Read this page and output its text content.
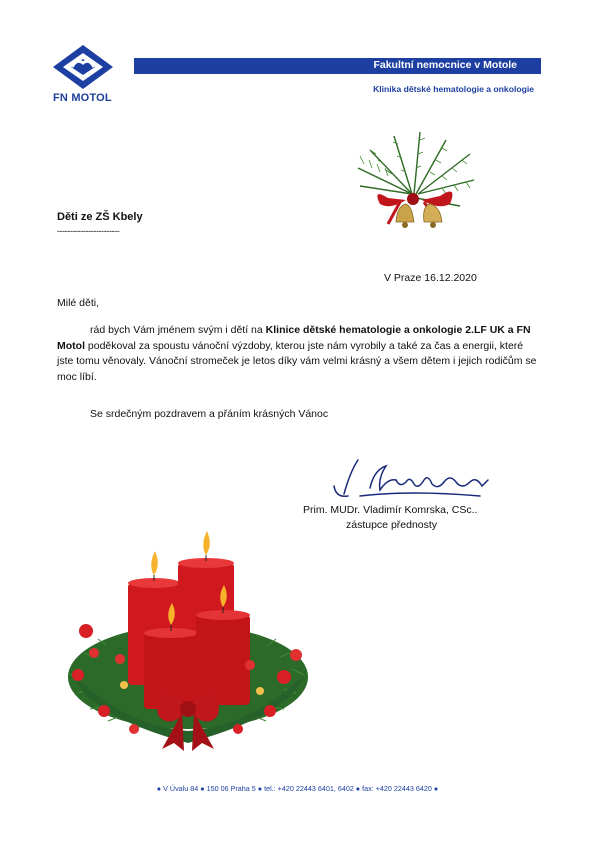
FN MOTOL
Fakultní nemocnice v Motole
Klinika dětské hematologie a onkologie
Děti ze ZŠ Kbely
------------------------
V Praze 16.12.2020
Milé děti,
rád bych Vám jménem svým i dětí na Klinice dětské hematologie a onkologie 2.LF UK a FN Motol poděkoval za spoustu vánoční výzdoby, kterou jste nám vyrobily a také za čas a energii, které jste tomu věnovaly. Vánoční stromeček je letos díky vám velmi krásný a všem dětem i jejich rodičům se moc líbí.
Se srdečným pozdravem a přáním krásných Vánoc
Prim. MUDr. Vladimír Komrska, CSc..
zástupce přednosty
● V Úvalu 84 ● 150 06 Praha 5 ● tel.: +420 22443 6401, 6402 ● fax: +420 22443 6420 ●
